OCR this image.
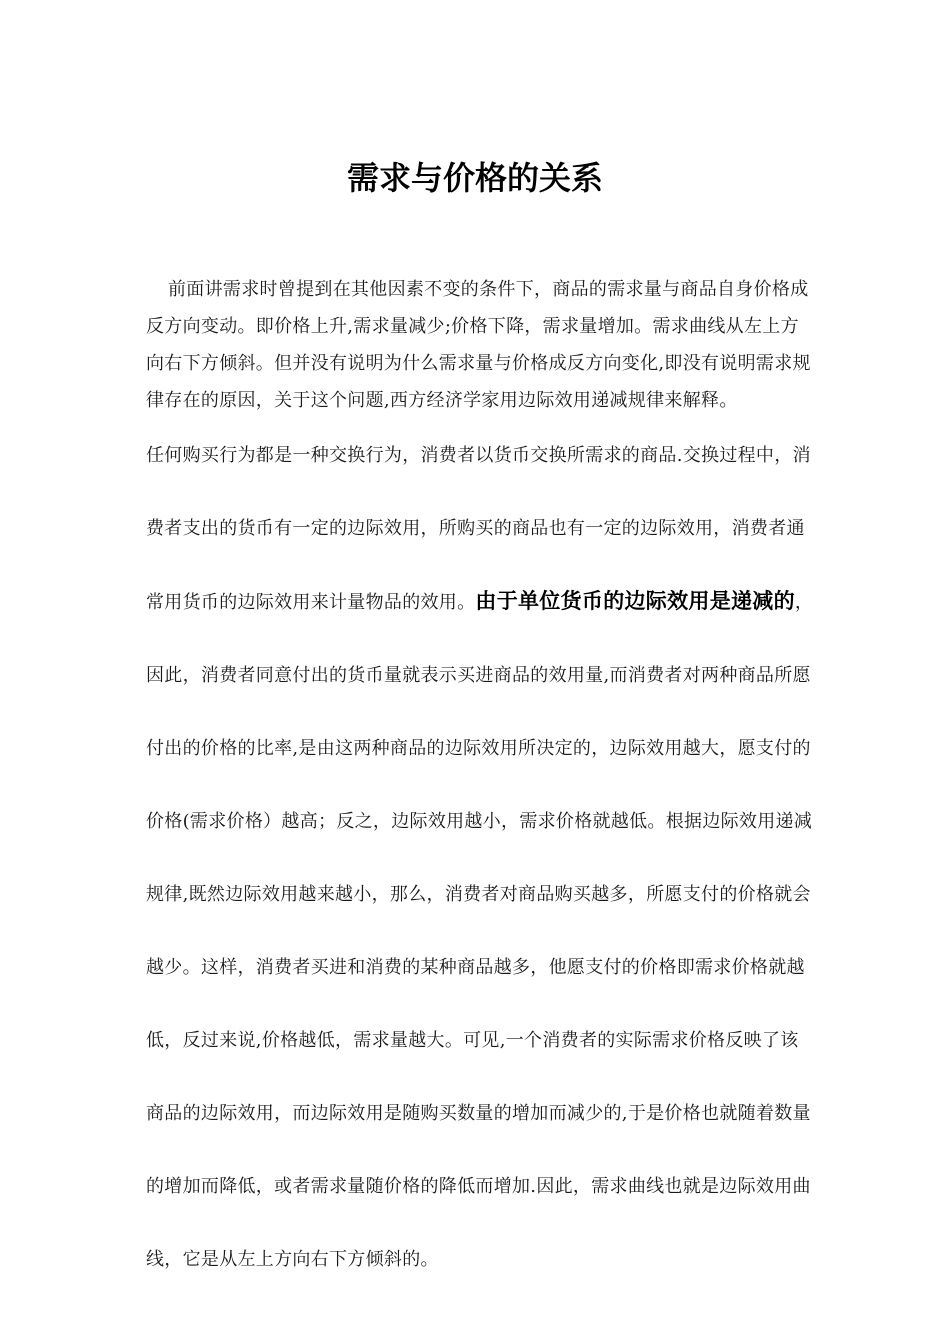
需求与价格的关系

前面讲需求时曾提到在其他因素不变的条件下，商品的需求量与商品自身价格成反方向变动。即价格上升,需求量减少;价格下降，需求量增加。需求曲线从左上方向右下方倾斜。但并没有说明为什么需求量与价格成反方向变化,即没有说明需求规律存在的原因，关于这个问题,西方经济学家用边际效用递减规律来解释。

任何购买行为都是一种交换行为，消费者以货币交换所需求的商品.交换过程中，消费者支出的货币有一定的边际效用，所购买的商品也有一定的边际效用，消费者通常用货币的边际效用来计量物品的效用。由于单位货币的边际效用是递减的，因此，消费者同意付出的货币量就表示买进商品的效用量,而消费者对两种商品所愿付出的价格的比率,是由这两种商品的边际效用所决定的，边际效用越大，愿支付的价格(需求价格）越高；反之，边际效用越小，需求价格就越低。根据边际效用递减规律,既然边际效用越来越小，那么，消费者对商品购买越多，所愿支付的价格就会越少。这样，消费者买进和消费的某种商品越多，他愿支付的价格即需求价格就越低，反过来说,价格越低，需求量越大。可见,一个消费者的实际需求价格反映了该商品的边际效用，而边际效用是随购买数量的增加而减少的,于是价格也就随着数量的增加而降低，或者需求量随价格的降低而增加.因此，需求曲线也就是边际效用曲线，它是从左上方向右下方倾斜的。
